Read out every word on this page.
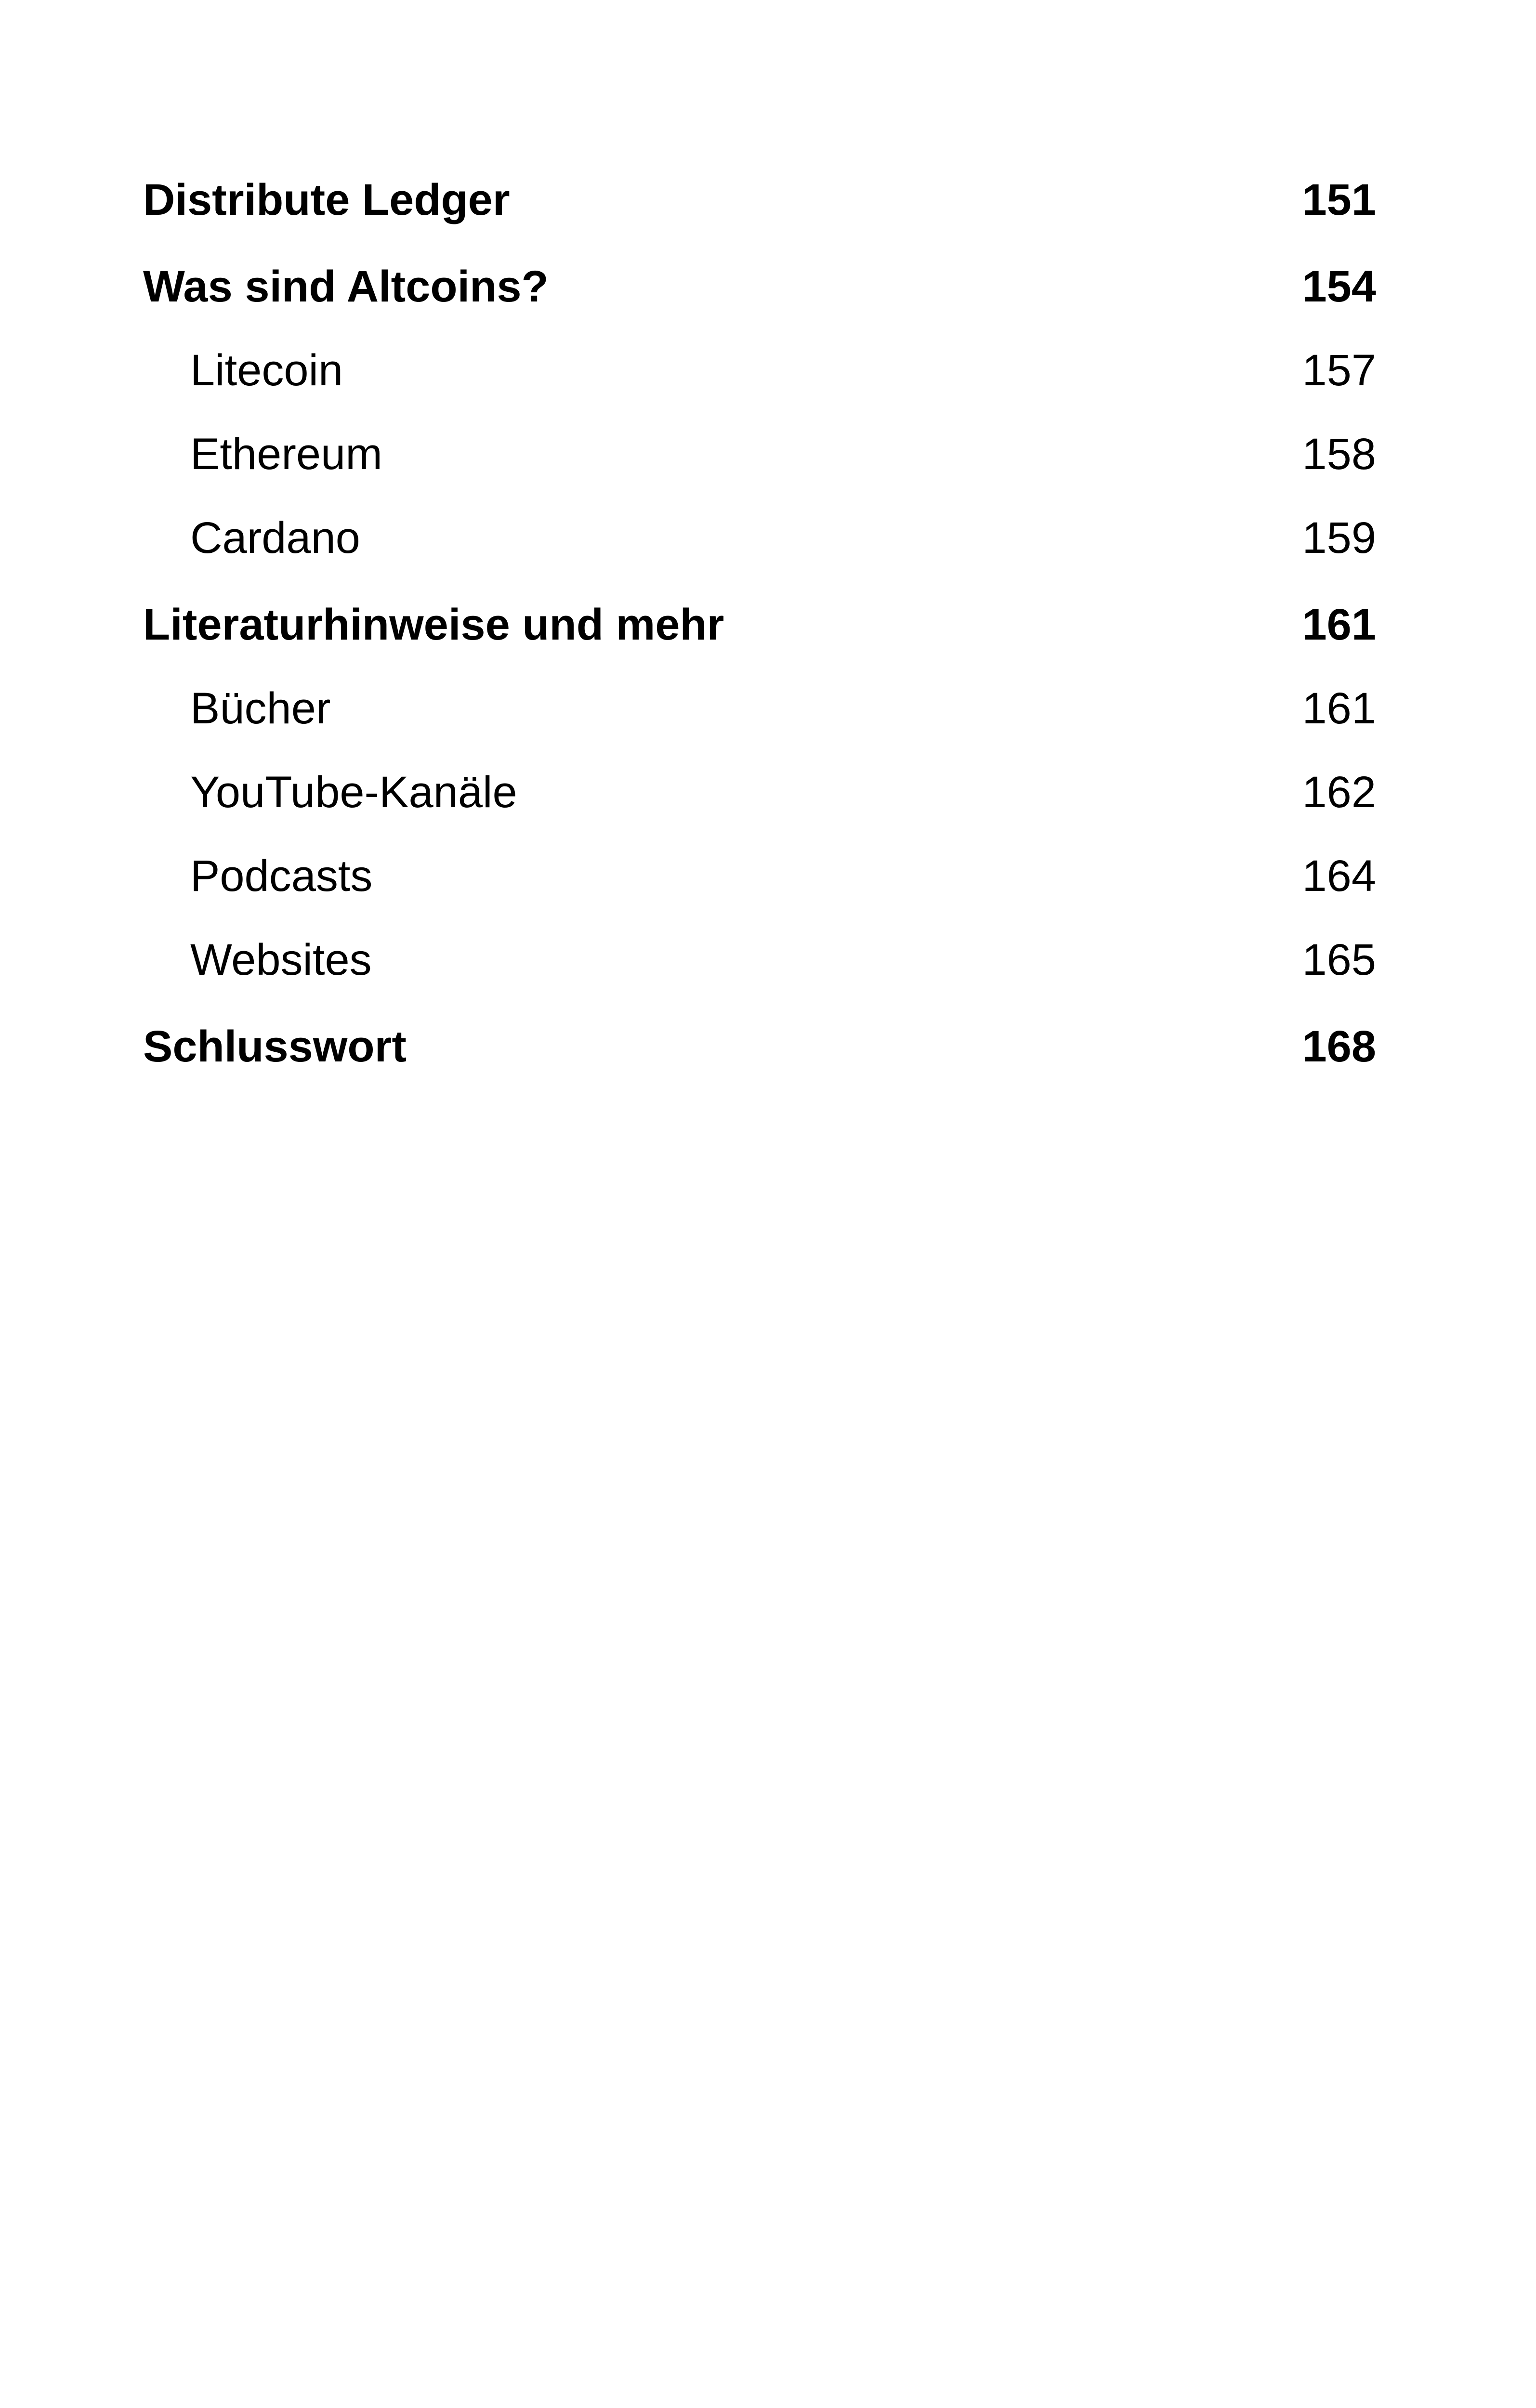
Distribute Ledger	151
Was sind Altcoins?	154
Litecoin	157
Ethereum	158
Cardano	159
Literaturhinweise und mehr	161
Bücher	161
YouTube-Kanäle	162
Podcasts	164
Websites	165
Schlusswort	168
